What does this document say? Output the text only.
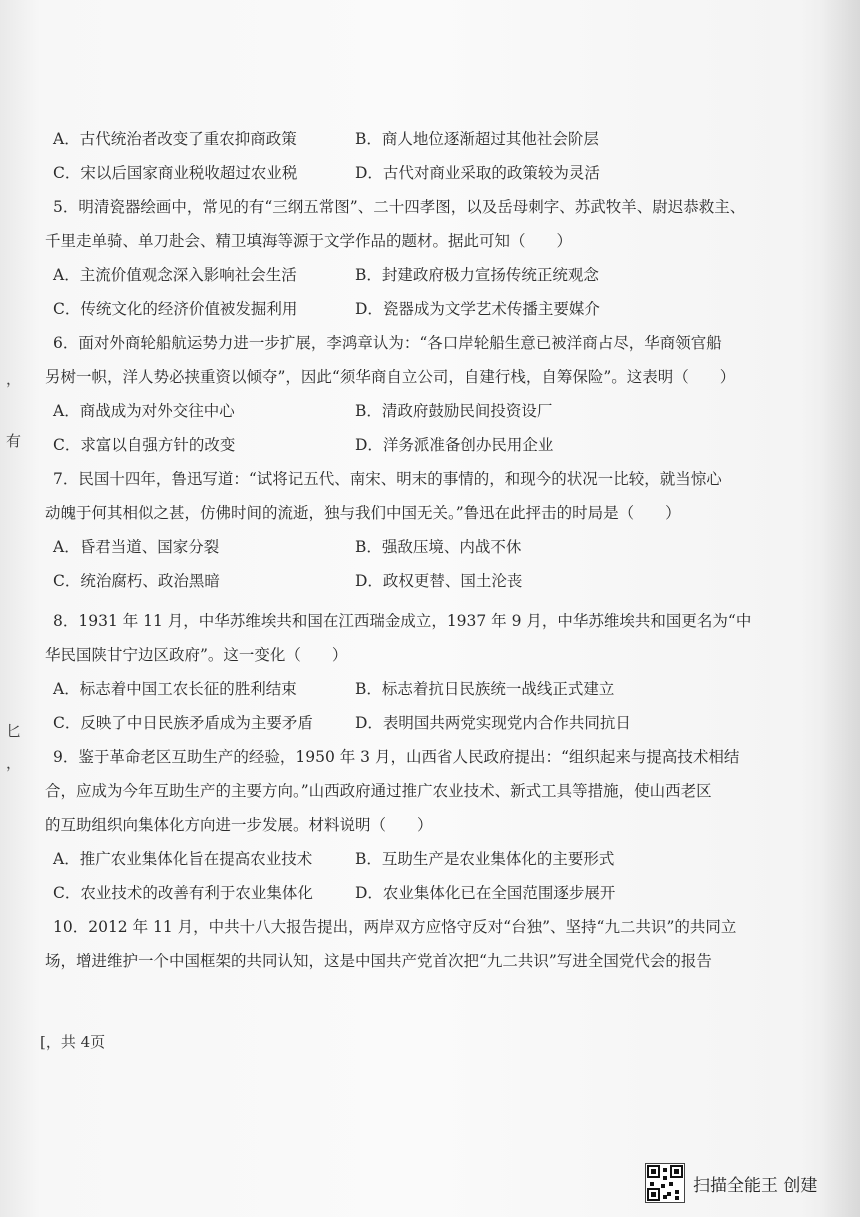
，
有
匕
，
A．古代统治者改变了重农抑商政策	B．商人地位逐渐超过其他社会阶层
C．宋以后国家商业税收超过农业税	D．古代对商业采取的政策较为灵活
5．明清瓷器绘画中，常见的有“三纲五常图”、二十四孝图，以及岳母刺字、苏武牧羊、尉迟恭救主、
千里走单骑、单刀赴会、精卫填海等源于文学作品的题材。据此可知（　　）
A．主流价值观念深入影响社会生活	B．封建政府极力宣扬传统正统观念
C．传统文化的经济价值被发掘利用	D．瓷器成为文学艺术传播主要媒介
6．面对外商轮船航运势力进一步扩展，李鸿章认为：“各口岸轮船生意已被洋商占尽，华商领官船
另树一帜，洋人势必挟重资以倾夺”，因此“须华商自立公司，自建行栈，自筹保险”。这表明（　　）
A．商战成为对外交往中心	B．清政府鼓励民间投资设厂
C．求富以自强方针的改变	D．洋务派准备创办民用企业
7．民国十四年，鲁迅写道：“试将记五代、南宋、明末的事情的，和现今的状况一比较，就当惊心
动魄于何其相似之甚，仿佛时间的流逝，独与我们中国无关。”鲁迅在此抨击的时局是（　　）
A．昏君当道、国家分裂	B．强敌压境、内战不休
C．统治腐朽、政治黑暗	D．政权更替、国土沦丧
8．1931 年 11 月，中华苏维埃共和国在江西瑞金成立，1937 年 9 月，中华苏维埃共和国更名为“中
华民国陕甘宁边区政府”。这一变化（　　）
A．标志着中国工农长征的胜利结束	B．标志着抗日民族统一战线正式建立
C．反映了中日民族矛盾成为主要矛盾	D．表明国共两党实现党内合作共同抗日
9．鉴于革命老区互助生产的经验，1950 年 3 月，山西省人民政府提出：“组织起来与提高技术相结
合，应成为今年互助生产的主要方向。”山西政府通过推广农业技术、新式工具等措施，使山西老区
的互助组织向集体化方向进一步发展。材料说明（　　）
A．推广农业集体化旨在提高农业技术	B．互助生产是农业集体化的主要形式
C．农业技术的改善有利于农业集体化	D．农业集体化已在全国范围逐步展开
10．2012 年 11 月，中共十八大报告提出，两岸双方应恪守反对“台独”、坚持“九二共识”的共同立
场，增进维护一个中国框架的共同认知，这是中国共产党首次把“九二共识”写进全国党代会的报告
[，共 4页
扫描全能王 创建
